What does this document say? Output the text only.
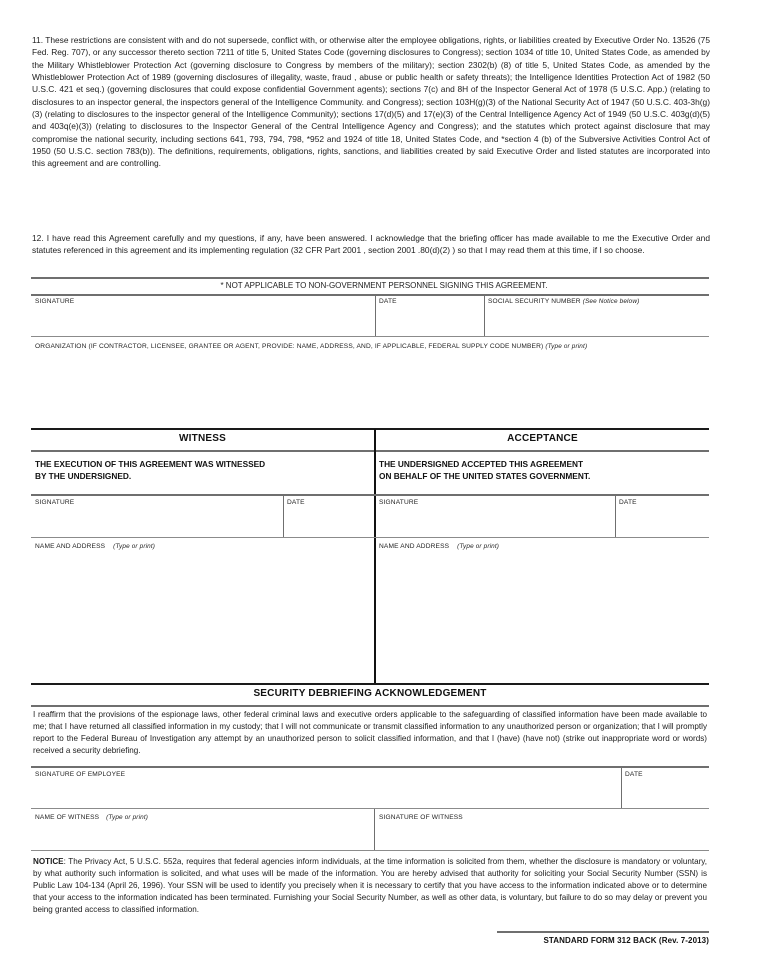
11. These restrictions are consistent with and do not supersede, conflict with, or otherwise alter the employee obligations, rights, or liabilities created by Executive Order No. 13526 (75 Fed. Reg. 707), or any successor thereto section 7211 of title 5, United States Code (governing disclosures to Congress); section 1034 of title 10, United States Code, as amended by the Military Whistleblower Protection Act (governing disclosure to Congress by members of the military); section 2302(b) (8) of title 5, United States Code, as amended by the Whistleblower Protection Act of 1989 (governing disclosures of illegality, waste, fraud , abuse or public health or safety threats); the Intelligence Identities Protection Act of 1982 (50 U.S.C. 421 et seq.) (governing disclosures that could expose confidential Government agents); sections 7(c) and 8H of the Inspector General Act of 1978 (5 U.S.C. App.) (relating to disclosures to an inspector general, the inspectors general of the Intelligence Community. and Congress); section 103H(g)(3) of the National Security Act of 1947 (50 U.S.C. 403-3h(g)(3) (relating to disclosures to the inspector general of the Intelligence Community); sections 17(d)(5) and 17(e)(3) of the Central Intelligence Agency Act of 1949 (50 U.S.C. 403g(d)(5) and 403q(e)(3)) (relating to disclosures to the Inspector General of the Central Intelligence Agency and Congress); and the statutes which protect against disclosure that may compromise the national security, including sections 641, 793, 794, 798, *952 and 1924 of title 18, United States Code, and *section 4 (b) of the Subversive Activities Control Act of 1950 (50 U.S.C. section 783(b)). The definitions, requirements, obligations, rights, sanctions, and liabilities created by said Executive Order and listed statutes are incorporated into this agreement and are controlling.
12. I have read this Agreement carefully and my questions, if any, have been answered. I acknowledge that the briefing officer has made available to me the Executive Order and statutes referenced in this agreement and its implementing regulation (32 CFR Part 2001 , section 2001 .80(d)(2) ) so that I may read them at this time, if I so choose.
* NOT APPLICABLE TO NON-GOVERNMENT PERSONNEL SIGNING THIS AGREEMENT.
SIGNATURE	DATE	SOCIAL SECURITY NUMBER (See Notice below)
ORGANIZATION (IF CONTRACTOR, LICENSEE, GRANTEE OR AGENT, PROVIDE: NAME, ADDRESS, AND, IF APPLICABLE, FEDERAL SUPPLY CODE NUMBER) (Type or print)
WITNESS	ACCEPTANCE
THE EXECUTION OF THIS AGREEMENT WAS WITNESSED
BY THE UNDERSIGNED.
THE UNDERSIGNED ACCEPTED THIS AGREEMENT
ON BEHALF OF THE UNITED STATES GOVERNMENT.
SIGNATURE	DATE	SIGNATURE	DATE
NAME AND ADDRESS (Type or print)	NAME AND ADDRESS (Type or print)
SECURITY DEBRIEFING ACKNOWLEDGEMENT
I reaffirm that the provisions of the espionage laws, other federal criminal laws and executive orders applicable to the safeguarding of classified information have been made available to me; that I have returned all classified information in my custody; that I will not communicate or transmit classified information to any unauthorized person or organization; that I will promptly report to the Federal Bureau of Investigation any attempt by an unauthorized person to solicit classified information, and that I (have) (have not) (strike out inappropriate word or words) received a security debriefing.
SIGNATURE OF EMPLOYEE	DATE
NAME OF WITNESS (Type or print)	SIGNATURE OF WITNESS
NOTICE: The Privacy Act, 5 U.S.C. 552a, requires that federal agencies inform individuals, at the time information is solicited from them, whether the disclosure is mandatory or voluntary, by what authority such information is solicited, and what uses will be made of the information. You are hereby advised that authority for soliciting your Social Security Number (SSN) is Public Law 104-134 (April 26, 1996). Your SSN will be used to identify you precisely when it is necessary to certify that you have access to the information indicated above or to determine that your access to the information indicated has been terminated. Furnishing your Social Security Number, as well as other data, is voluntary, but failure to do so may delay or prevent you being granted access to classified information.
STANDARD FORM 312 BACK (Rev. 7-2013)
